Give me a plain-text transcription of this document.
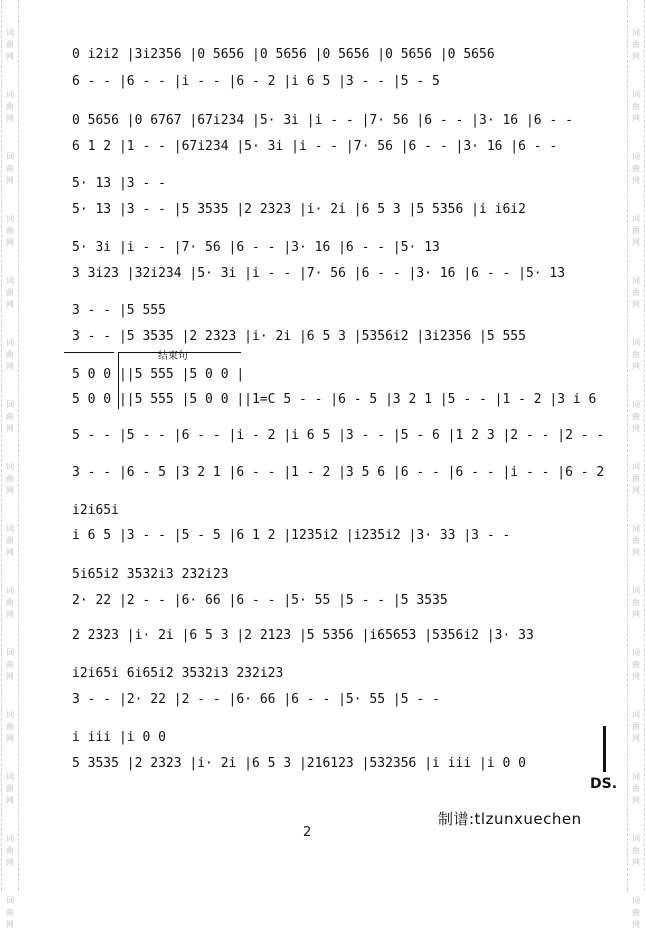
词
曲
网
词
曲
网
词
曲
网
词
曲
网
词
曲
网
词
曲
网
词
曲
网
词
曲
网
词
曲
网
词
曲
网
词
曲
网
词
曲
网
词
曲
网
词
曲
网
词
曲
网
词
曲
网
词
曲
网
词
曲
网
词
曲
网
词
曲
网
词
曲
网
词
曲
网
词
曲
网
词
曲
网
词
曲
网
词
曲
网
词
曲
网
词
曲
网
词
曲
网
词
曲
网
0 i2i2 |3i2356 |0 5656 |0 5656 |0 5656 |0 5656 |0 5656
6 - - |6 - - |i - - |6 - 2 |i 6 5 |3 - - |5 - 5
0 5656 |0 6767 |67i234 |5· 3i |i - - |7· 56 |6 - - |3· 16 |6 - -
6 1 2 |1 - - |67i234 |5· 3i |i - - |7· 56 |6 - - |3· 16 |6 - -
5· 13 |3 - -
5· 13 |3 - - |5 3535 |2 2323 |i· 2i |6 5 3 |5 5356 |i i6i2
5· 3i |i - - |7· 56 |6 - - |3· 16 |6 - - |5· 13
3 3i23 |32i234 |5· 3i |i - - |7· 56 |6 - - |3· 16 |6 - - |5· 13
3 - - |5 555
3 - - |5 3535 |2 2323 |i· 2i |6 5 3 |5356i2 |3i2356 |5 555
结束句
5 0 0 ||5 555 |5 0 0 |
5 0 0 ||5 555 |5 0 0 ||1=C 5 - - |6 - 5 |3 2 1 |5 - - |1 - 2 |3 i 6
5 - - |5 - - |6 - - |i - 2 |i 6 5 |3 - - |5 - 6 |1 2 3 |2 - - |2 - -
3 - - |6 - 5 |3 2 1 |6 - - |1 - 2 |3 5 6 |6 - - |6 - - |i - - |6 - 2
i2i65i
i 6 5 |3 - - |5 - 5 |6 1 2 |1235i2 |i235i2 |3· 33 |3 - -
5i65i2 3532i3 232i23
2· 22 |2 - - |6· 66 |6 - - |5· 55 |5 - - |5 3535
2 2323 |i· 2i |6 5 3 |2 2123 |5 5356 |i65653 |5356i2 |3· 33
i2i65i 6i65i2 3532i3 232i23
3 - - |2· 22 |2 - - |6· 66 |6 - - |5· 55 |5 - -
i iii |i 0 0
5 3535 |2 2323 |i· 2i |6 5 3 |216123 |532356 |i iii |i 0 0
DS.
制谱:tlzunxuechen
2
